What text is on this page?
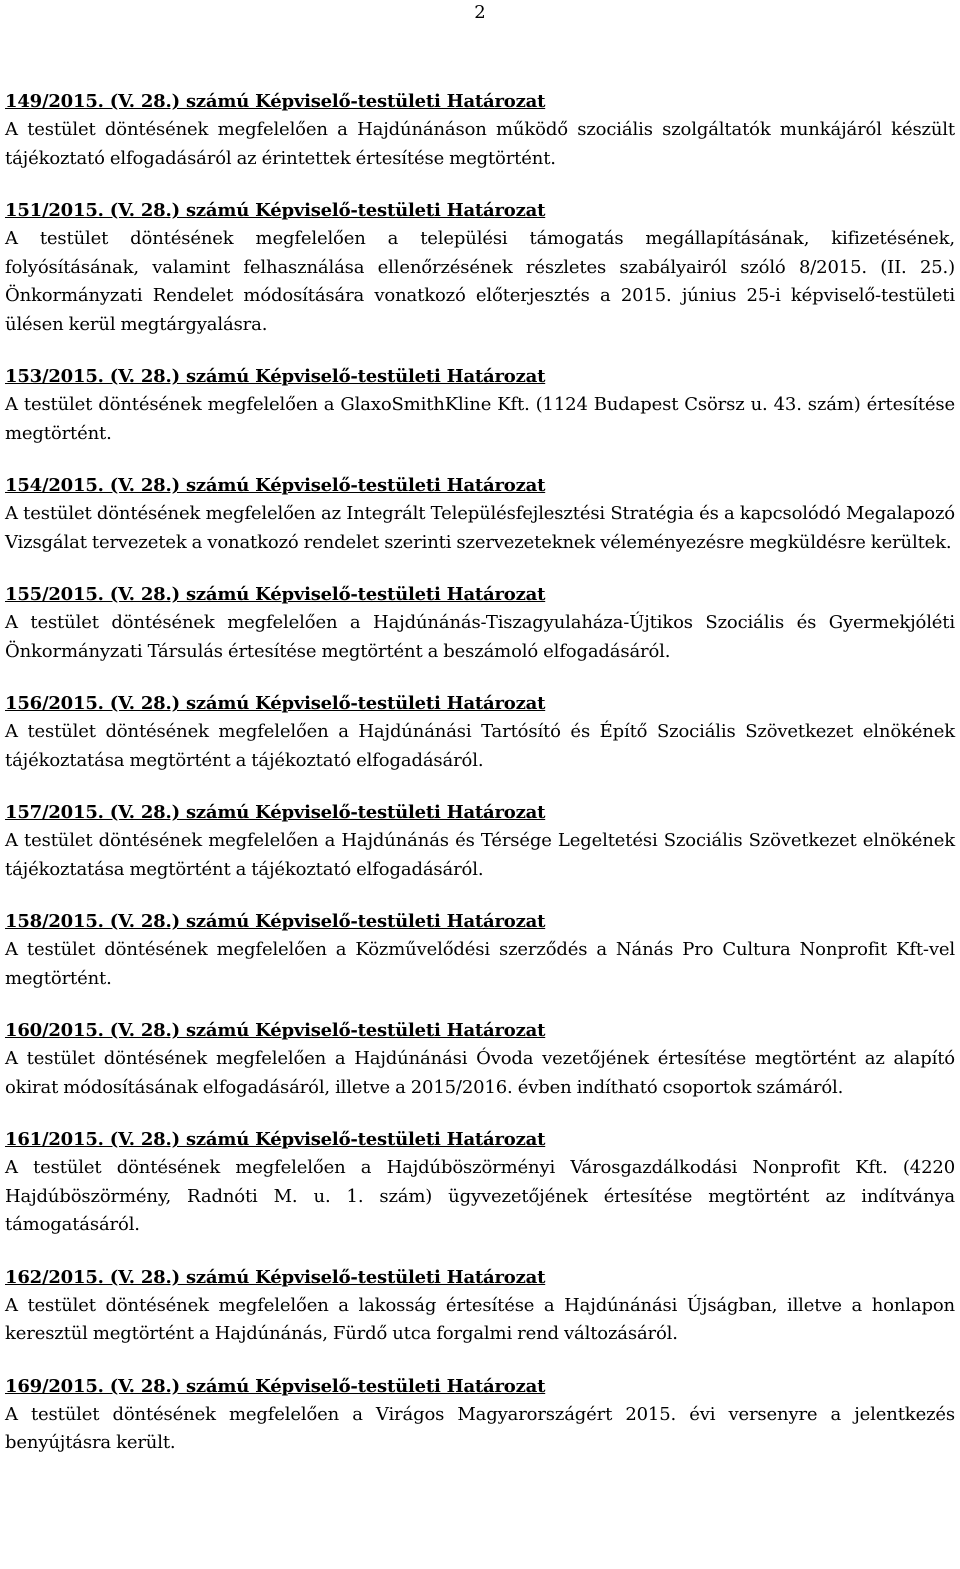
2
149/2015. (V. 28.) számú Képviselő-testületi Határozat
A testület döntésének megfelelően a Hajdúnánáson működő szociális szolgáltatók munkájáról készült tájékoztató elfogadásáról az érintettek értesítése megtörtént.
151/2015. (V. 28.) számú Képviselő-testületi Határozat
A testület döntésének megfelelően a települési támogatás megállapításának, kifizetésének, folyósításának, valamint felhasználása ellenőrzésének részletes szabályairól szóló 8/2015. (II. 25.) Önkormányzati Rendelet módosítására vonatkozó előterjesztés a 2015. június 25-i képviselő-testületi ülésen kerül megtárgyalásra.
153/2015. (V. 28.) számú Képviselő-testületi Határozat
A testület döntésének megfelelően a GlaxoSmithKline Kft. (1124 Budapest Csörsz u. 43. szám) értesítése megtörtént.
154/2015. (V. 28.) számú Képviselő-testületi Határozat
A testület döntésének megfelelően az Integrált Településfejlesztési Stratégia és a kapcsolódó Megalapozó Vizsgálat tervezetek a vonatkozó rendelet szerinti szervezeteknek véleményezésre megküldésre kerültek.
155/2015. (V. 28.) számú Képviselő-testületi Határozat
A testület döntésének megfelelően a Hajdúnánás-Tiszagyulaháza-Újtikos Szociális és Gyermekjóléti Önkormányzati Társulás értesítése megtörtént a beszámoló elfogadásáról.
156/2015. (V. 28.) számú Képviselő-testületi Határozat
A testület döntésének megfelelően a Hajdúnánási Tartósító és Építő Szociális Szövetkezet elnökének tájékoztatása megtörtént a tájékoztató elfogadásáról.
157/2015. (V. 28.) számú Képviselő-testületi Határozat
A testület döntésének megfelelően a Hajdúnánás és Térsége Legeltetési Szociális Szövetkezet elnökének tájékoztatása megtörtént a tájékoztató elfogadásáról.
158/2015. (V. 28.) számú Képviselő-testületi Határozat
A testület döntésének megfelelően a Közművelődési szerződés a Nánás Pro Cultura Nonprofit Kft-vel megtörtént.
160/2015. (V. 28.) számú Képviselő-testületi Határozat
A testület döntésének megfelelően a Hajdúnánási Óvoda vezetőjének értesítése megtörtént az alapító okirat módosításának elfogadásáról, illetve a 2015/2016. évben indítható csoportok számáról.
161/2015. (V. 28.) számú Képviselő-testületi Határozat
A testület döntésének megfelelően a Hajdúböszörményi Városgazdálkodási Nonprofit Kft. (4220 Hajdúböszörmény, Radnóti M. u. 1. szám) ügyvezetőjének értesítése megtörtént az indítványa támogatásáról.
162/2015. (V. 28.) számú Képviselő-testületi Határozat
A testület döntésének megfelelően a lakosság értesítése a Hajdúnánási Újságban, illetve a honlapon keresztül megtörtént a Hajdúnánás, Fürdő utca forgalmi rend változásáról.
169/2015. (V. 28.) számú Képviselő-testületi Határozat
A testület döntésének megfelelően a Virágos Magyarországért 2015. évi versenyre a jelentkezés benyújtásra került.
